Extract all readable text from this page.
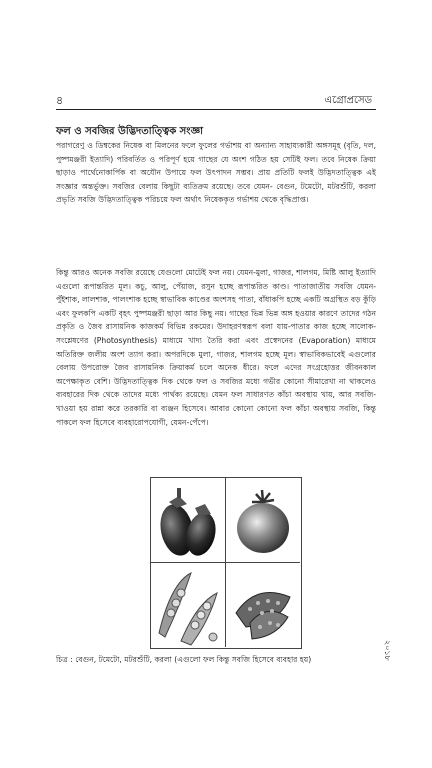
৪	এগ্রোপ্রসেড
ফল ও সবজির উদ্ভিদতাত্ত্বিক সংজ্ঞা
পরাগরেণু ও ডিম্বকের নিষেক বা মিলনের ফলে ফুলের গর্ভাশয় বা অন্যান্য সাহায্যকারী অঙ্গসমূহ (বৃতি, দল, পুষ্পমঞ্জরী ইত্যাদি) পরিবর্তিত ও পরিপূর্ণ হয়ে গাছের যে অংশ গঠিত হয় সেটিই ফল। তবে নিষেক ক্রিয়া ছাড়াও পার্থেনোকার্পিক বা অযৌন উপায়ে ফল উৎপাদন সম্ভব। প্রায় প্রতিটি ফলই উদ্ভিদতাত্ত্বিক এই সংজ্ঞার অন্তর্ভুক্ত। সবজির বেলায় কিছুটা ব্যতিক্রম রয়েছে। তবে যেমন- বেগুন, টমেটো, মটরশুঁটি, করলা প্রভৃতি সবজি উদ্ভিদতাত্ত্বিক পরিচয়ে ফল অর্থাৎ নিষেককৃত গর্ভাশয় থেকে বৃদ্ধিপ্রাপ্ত।
কিন্তু আরও অনেক সবজি রয়েছে যেগুলো মোটেই ফল নয়। যেমন-মুলা, গাজর, শালগম, মিষ্টি আলু ইত্যাদি এগুলো রূপান্তরিত মূল। কচু, আলু, পেঁয়াজ, রসুন হচ্ছে রূপান্তরিত কাণ্ড। পাতাজাতীয় সবজি যেমন-পুঁইশাক, লালশাক, পালংশাক হচ্ছে স্বাভাবিক কাণ্ডের অংশসহ পাতা, বাঁধাকপি হচ্ছে একটি অগ্রস্থিত বড় কুঁড়ি এবং ফুলকপি একটি বৃহৎ পুষ্পমঞ্জরী ছাড়া আর কিছু নয়। গাছের ভিন্ন ভিন্ন অঙ্গ হওয়ার কারণে তাদের গঠন প্রকৃতি ও জৈব রাসায়নিক কাজকর্ম বিভিন্ন রকমের। উদাহরণস্বরূপ বলা যায়-পাতার কাজ হচ্ছে সালোক-সংশ্লেষণের (Photosynthesis) মাধ্যমে খাদ্য তৈরি করা এবং প্রস্বেদনের (Evaporation) মাধ্যমে অতিরিক্ত জলীয় অংশ ত্যাগ করা। অপরদিকে মুলা, গাজর, শালগম হচ্ছে মূল। স্বাভাবিকভাবেই এগুলোর বেলায় উপরোক্ত জৈব রাসায়নিক ক্রিয়াকর্ম চলে অনেক ধীরে। ফলে এদের সংগ্রহোত্তর জীবনকাল অপেক্ষাকৃত বেশি। উদ্ভিদতাত্ত্বিক দিক থেকে ফল ও সবজির মধ্যে গভীর কোনো সীমারেখা না থাকলেও ব্যবহারের দিক থেকে তাদের মধ্যে পার্থক্য রয়েছে। যেমন ফল সাধারণত কাঁচা অবস্থায় খায়, আর সবজি-খাওয়া হয় রান্না করে তরকারি বা ব্যঞ্জন হিসেবে। আবার কোনো কোনো ফল কাঁচা অবস্থায় সবজি, কিন্তু পাকলে ফল হিসেবে ব্যবহারোপযোগী, যেমন-পেঁপে।
চিত্র : বেগুন, টমেটো, মটরশুঁটি, করলা (এগুলো ফল কিন্তু সবজি হিসেবে ব্যবহার হয়)	২০১৮
